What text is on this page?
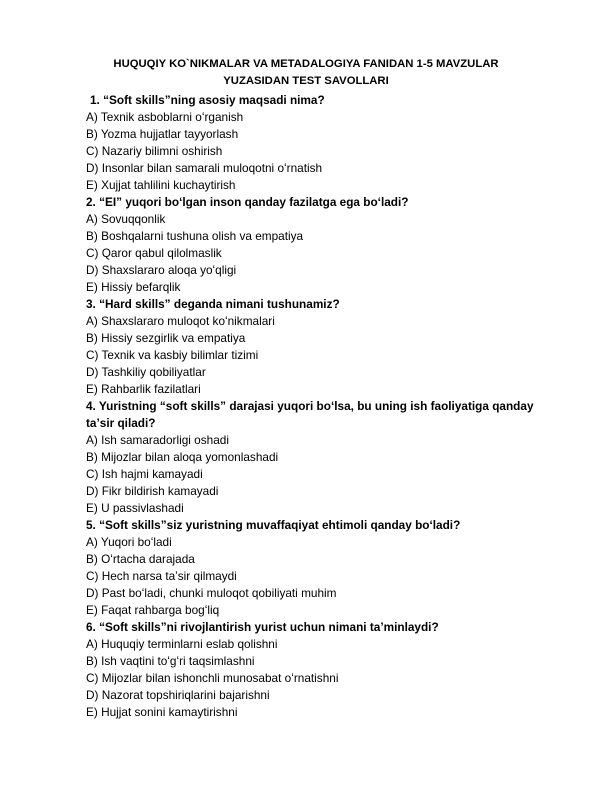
HUQUQIY KO`NIKMALAR VA METADALOGIYA FANIDAN 1-5 MAVZULAR
YUZASIDAN TEST SAVOLLARI

1. “Soft skills”ning asosiy maqsadi nima?

A) Texnik asboblarni oʻrganish

B) Yozma hujjatlar tayyorlash

C) Nazariy bilimni oshirish

D) Insonlar bilan samarali muloqotni oʻrnatish

E) Xujjat tahlilini kuchaytirish

2. “EI” yuqori boʻlgan inson qanday fazilatga ega boʻladi?

A) Sovuqqonlik

B) Boshqalarni tushuna olish va empatiya

C) Qaror qabul qilolmaslik

D) Shaxslararo aloqa yoʻqligi

E) Hissiy befarqlik

3. “Hard skills” deganda nimani tushunamiz?

A) Shaxslararo muloqot koʻnikmalari

B) Hissiy sezgirlik va empatiya

C) Texnik va kasbiy bilimlar tizimi

D) Tashkiliy qobiliyatlar

E) Rahbarlik fazilatlari

4. Yuristning “soft skills” darajasi yuqori boʻlsa, bu uning ish faoliyatiga qanday taʼsir qiladi?

A) Ish samaradorligi oshadi

B) Mijozlar bilan aloqa yomonlashadi

C) Ish hajmi kamayadi

D) Fikr bildirish kamayadi

E) U passivlashadi

5. “Soft skills”siz yuristning muvaffaqiyat ehtimoli qanday boʻladi?

A) Yuqori boʻladi

B) Oʻrtacha darajada

C) Hech narsa taʼsir qilmaydi

D) Past boʻladi, chunki muloqot qobiliyati muhim

E) Faqat rahbarga bogʻliq

6. “Soft skills”ni rivojlantirish yurist uchun nimani taʼminlaydi?

A) Huquqiy terminlarni eslab qolishni

B) Ish vaqtini toʻgʻri taqsimlashni

C) Mijozlar bilan ishonchli munosabat oʻrnatishni

D) Nazorat topshiriqlarini bajarishni

E) Hujjat sonini kamaytirishni
